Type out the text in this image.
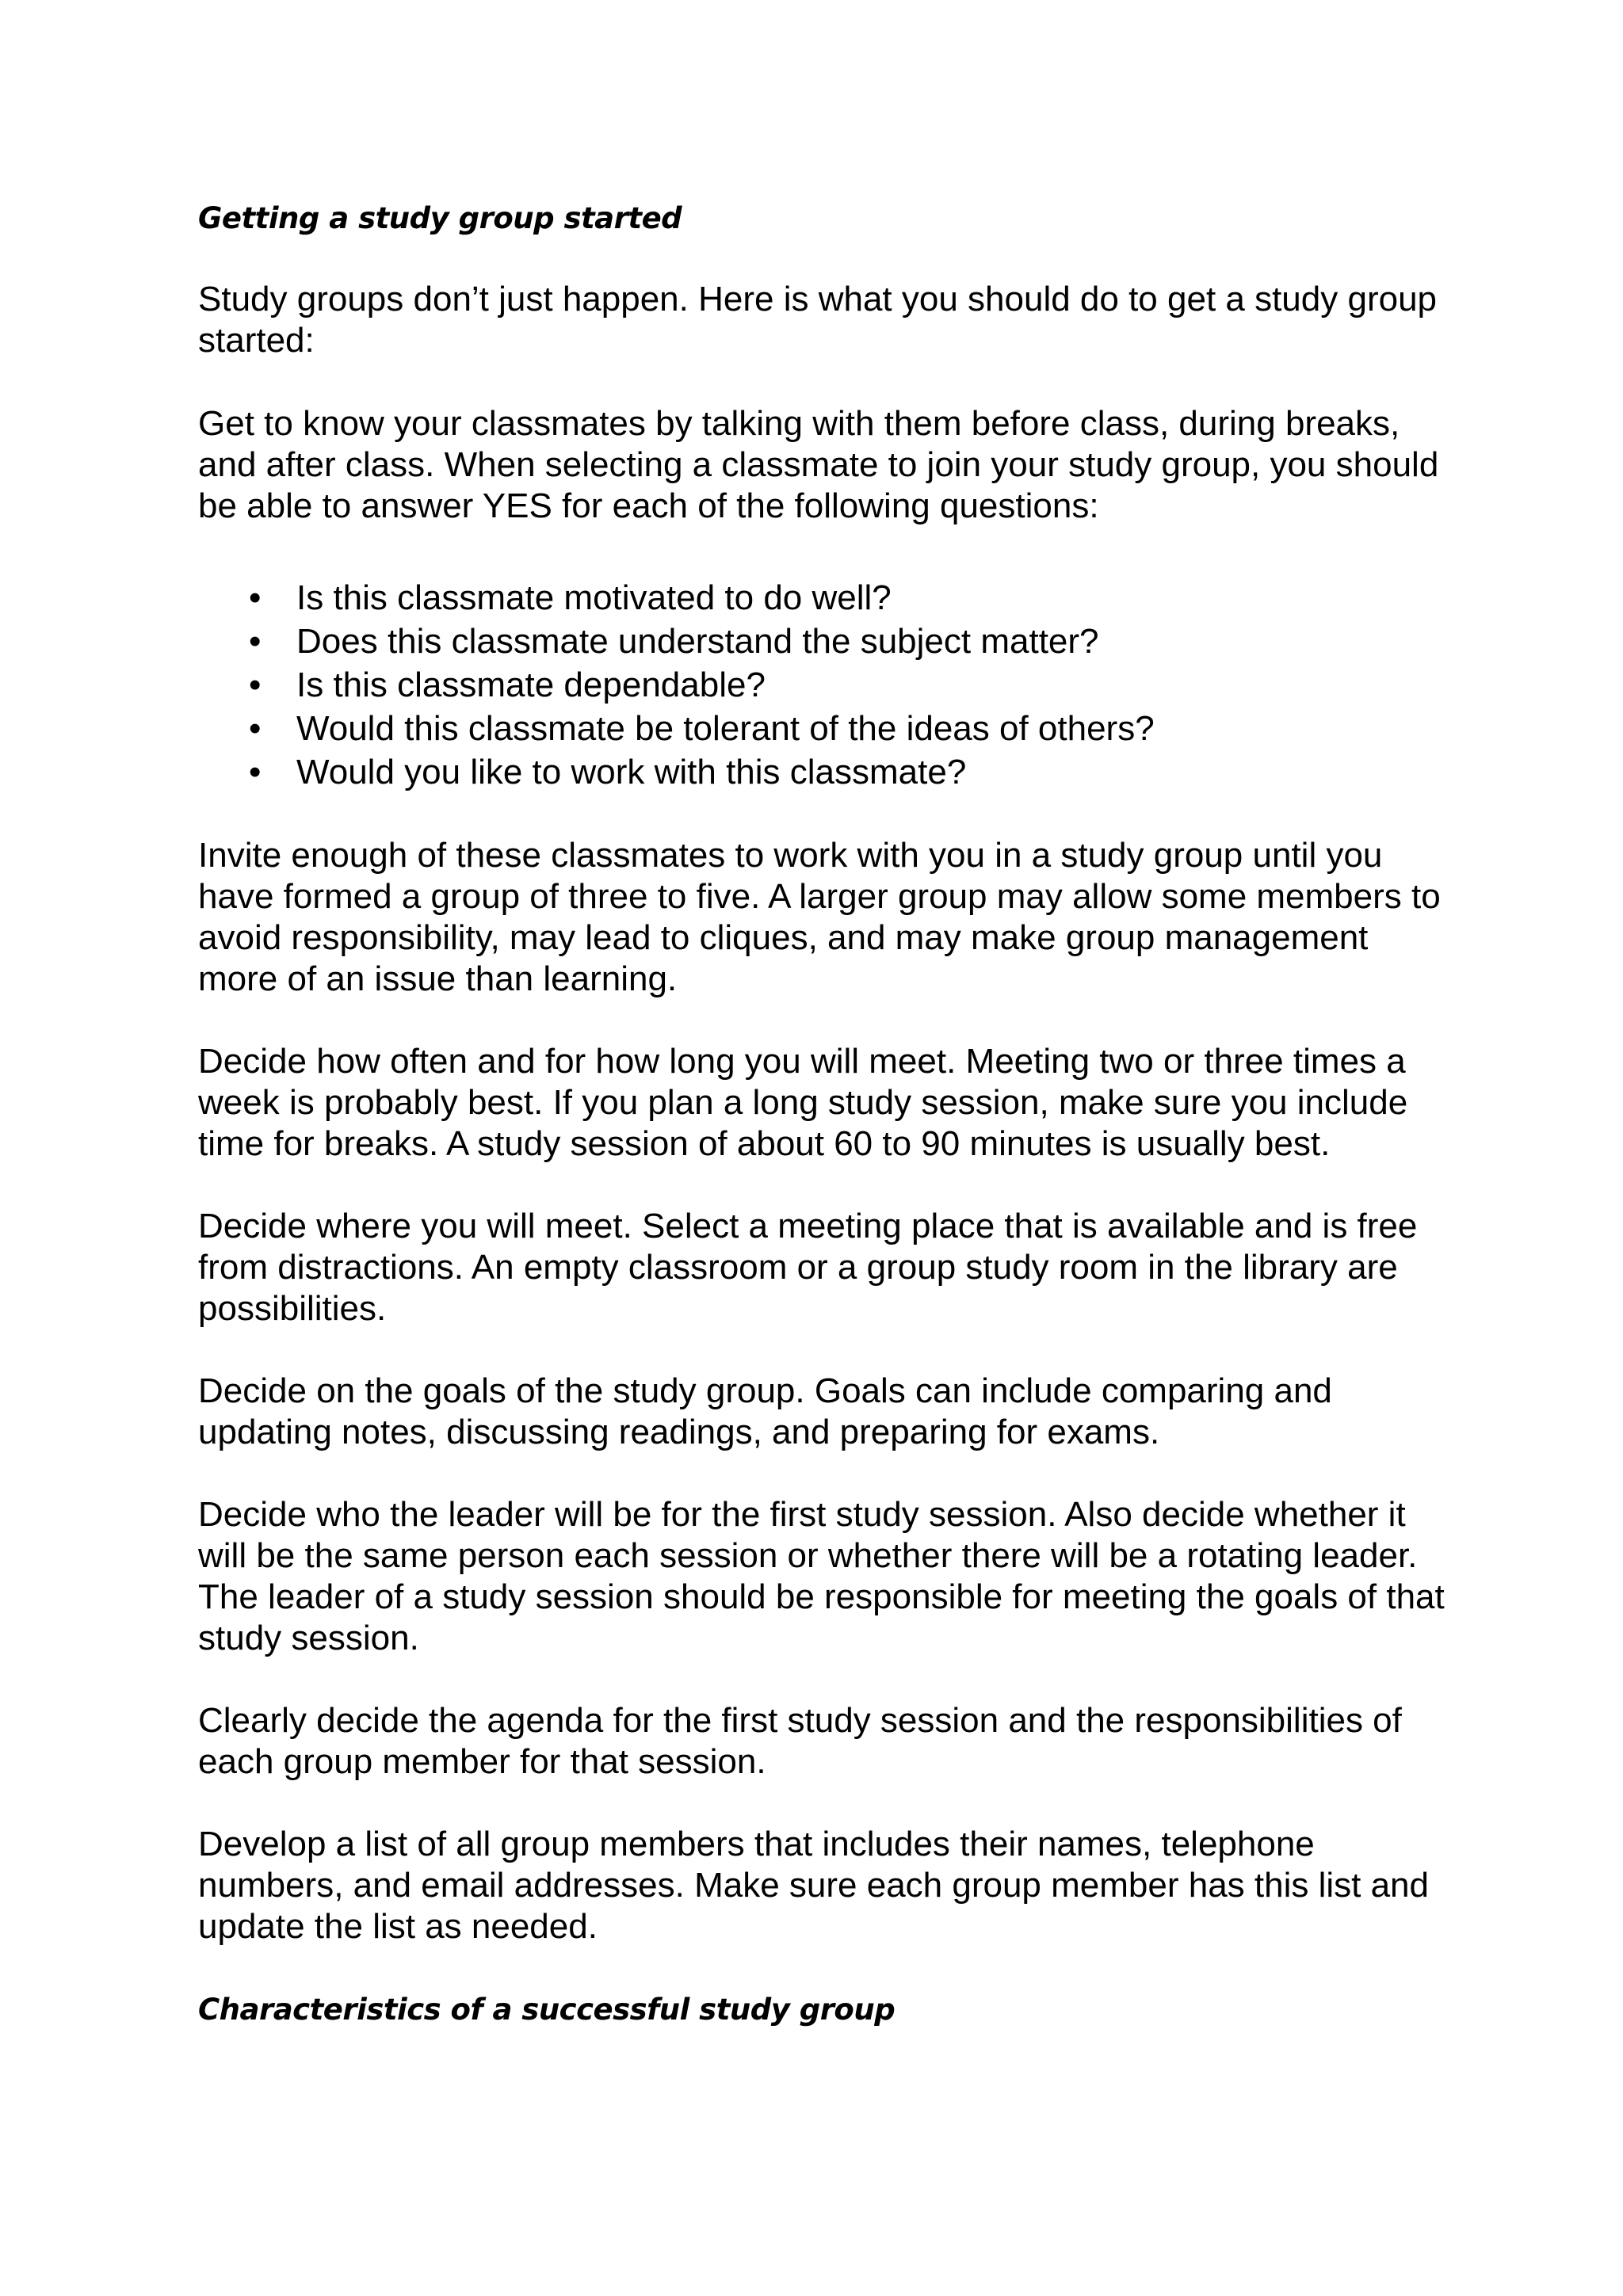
Getting a study group started

Study groups don’t just happen. Here is what you should do to get a study group started:

Get to know your classmates by talking with them before class, during breaks, and after class. When selecting a classmate to join your study group, you should be able to answer YES for each of the following questions:

• Is this classmate motivated to do well?
• Does this classmate understand the subject matter?
• Is this classmate dependable?
• Would this classmate be tolerant of the ideas of others?
• Would you like to work with this classmate?

Invite enough of these classmates to work with you in a study group until you have formed a group of three to five. A larger group may allow some members to avoid responsibility, may lead to cliques, and may make group management more of an issue than learning.

Decide how often and for how long you will meet. Meeting two or three times a week is probably best. If you plan a long study session, make sure you include time for breaks. A study session of about 60 to 90 minutes is usually best.

Decide where you will meet. Select a meeting place that is available and is free from distractions. An empty classroom or a group study room in the library are possibilities.

Decide on the goals of the study group. Goals can include comparing and updating notes, discussing readings, and preparing for exams.

Decide who the leader will be for the first study session. Also decide whether it will be the same person each session or whether there will be a rotating leader. The leader of a study session should be responsible for meeting the goals of that study session.

Clearly decide the agenda for the first study session and the responsibilities of each group member for that session.

Develop a list of all group members that includes their names, telephone numbers, and email addresses. Make sure each group member has this list and update the list as needed.

Characteristics of a successful study group
